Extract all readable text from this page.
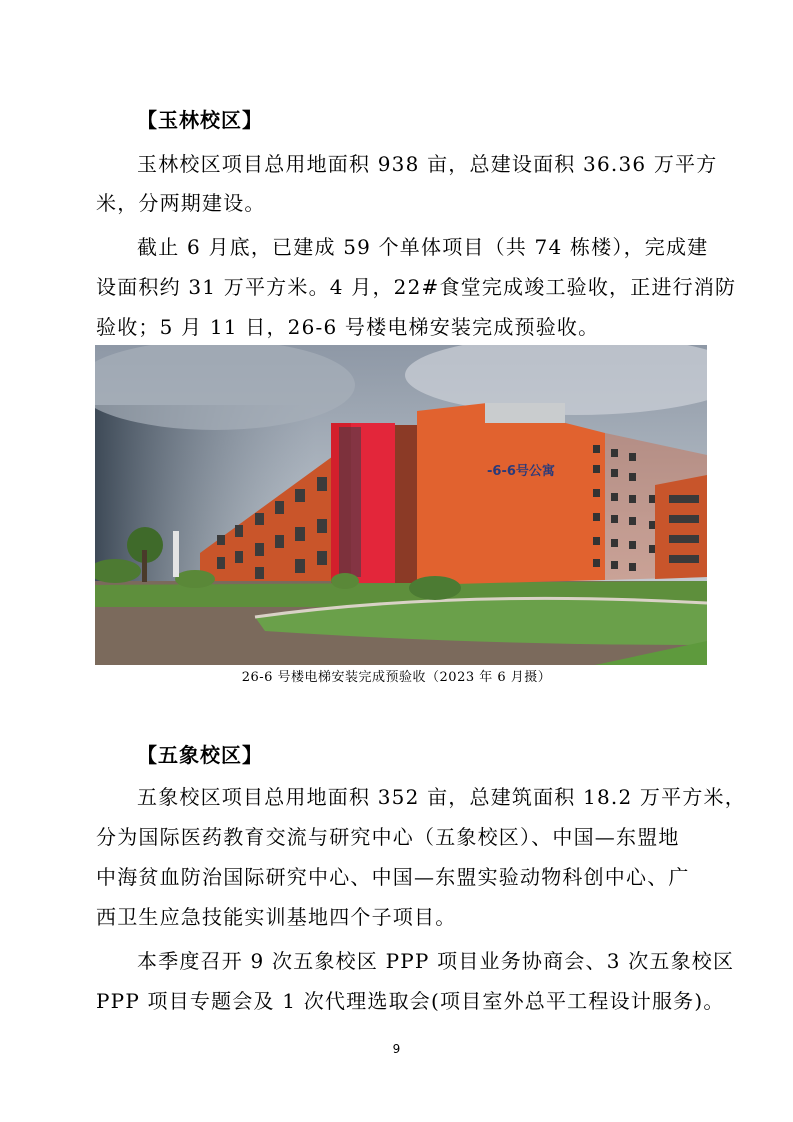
【玉林校区】
玉林校区项目总用地面积 938 亩，总建设面积 36.36 万平方
米，分两期建设。
截止 6 月底，已建成 59 个单体项目（共 74 栋楼），完成建
设面积约 31 万平方米。4 月，22#食堂完成竣工验收，正进行消防
验收；5 月 11 日，26-6 号楼电梯安装完成预验收。
-6-6号公寓
26-6 号楼电梯安装完成预验收（2023 年 6 月摄）
【五象校区】
五象校区项目总用地面积 352 亩，总建筑面积 18.2 万平方米，
分为国际医药教育交流与研究中心（五象校区）、中国—东盟地
中海贫血防治国际研究中心、中国—东盟实验动物科创中心、广
西卫生应急技能实训基地四个子项目。
本季度召开 9 次五象校区 PPP 项目业务协商会、3 次五象校区
PPP 项目专题会及 1 次代理选取会(项目室外总平工程设计服务)。
9
